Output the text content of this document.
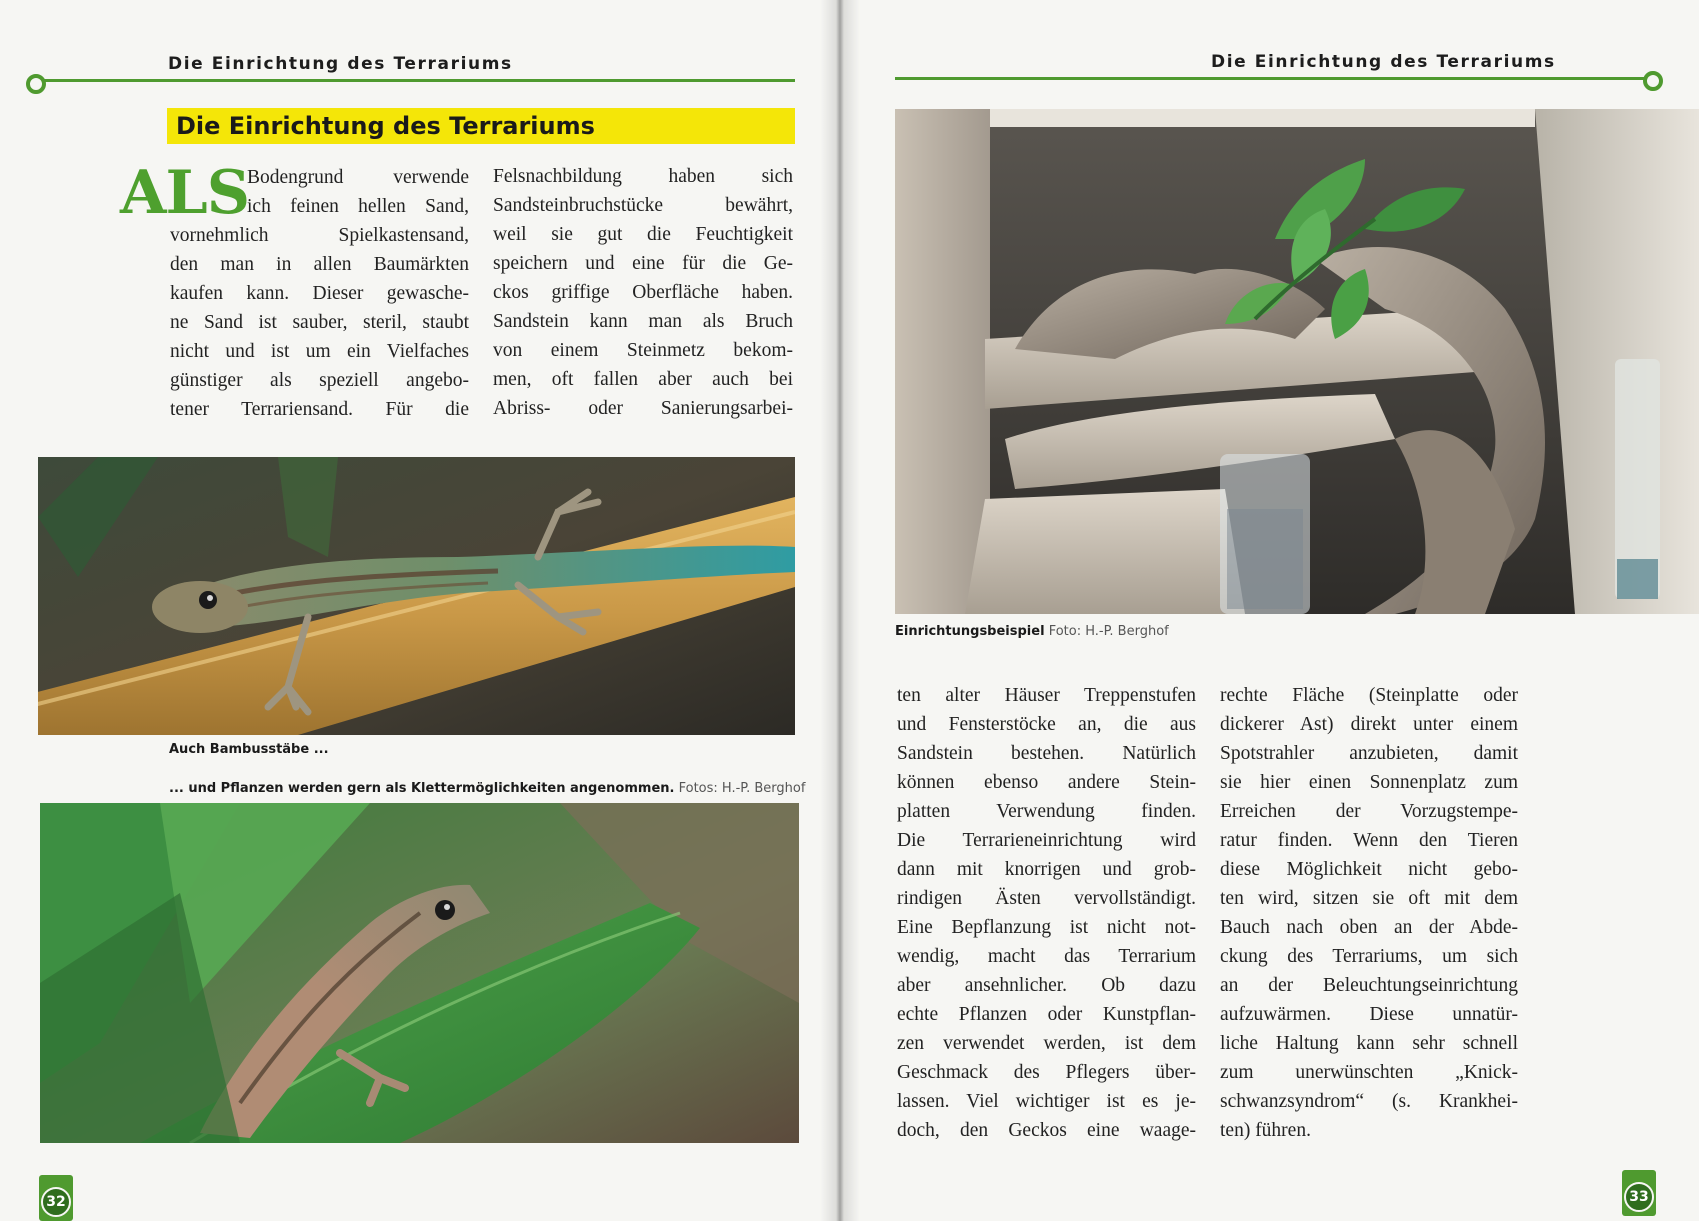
Die Einrichtung des Terrariums
Die Einrichtung des Terrariums
ALS
Bodengrund verwende
ich feinen hellen Sand,
vornehmlich Spielkastensand,
den man in allen Baumärkten
kaufen kann. Dieser gewasche-
ne Sand ist sauber, steril, staubt
nicht und ist um ein Vielfaches
günstiger als speziell angebo-
tener Terrariensand. Für die
Felsnachbildung haben sich
Sandsteinbruchstücke bewährt,
weil sie gut die Feuchtigkeit
speichern und eine für die Ge-
ckos griffige Oberfläche haben.
Sandstein kann man als Bruch
von einem Steinmetz bekom-
men, oft fallen aber auch bei
Abriss- oder Sanierungsarbei-
Auch Bambusstäbe ...
... und Pflanzen werden gern als Klettermöglichkeiten angenommen. Fotos: H.-P. Berghof
32
Die Einrichtung des Terrariums
Einrichtungsbeispiel Foto: H.-P. Berghof
ten alter Häuser Treppenstufen
und Fensterstöcke an, die aus
Sandstein bestehen. Natürlich
können ebenso andere Stein-
platten Verwendung finden.
Die Terrarieneinrichtung wird
dann mit knorrigen und grob-
rindigen Ästen vervollständigt.
Eine Bepflanzung ist nicht not-
wendig, macht das Terrarium
aber ansehnlicher. Ob dazu
echte Pflanzen oder Kunstpflan-
zen verwendet werden, ist dem
Geschmack des Pflegers über-
lassen. Viel wichtiger ist es je-
doch, den Geckos eine waage-
rechte Fläche (Steinplatte oder
dickerer Ast) direkt unter einem
Spotstrahler anzubieten, damit
sie hier einen Sonnenplatz zum
Erreichen der Vorzugstempe-
ratur finden. Wenn den Tieren
diese Möglichkeit nicht gebo-
ten wird, sitzen sie oft mit dem
Bauch nach oben an der Abde-
ckung des Terrariums, um sich
an der Beleuchtungseinrichtung
aufzuwärmen. Diese unnatür-
liche Haltung kann sehr schnell
zum unerwünschten „Knick-
schwanzsyndrom“ (s. Krankhei-
ten) führen.
33
